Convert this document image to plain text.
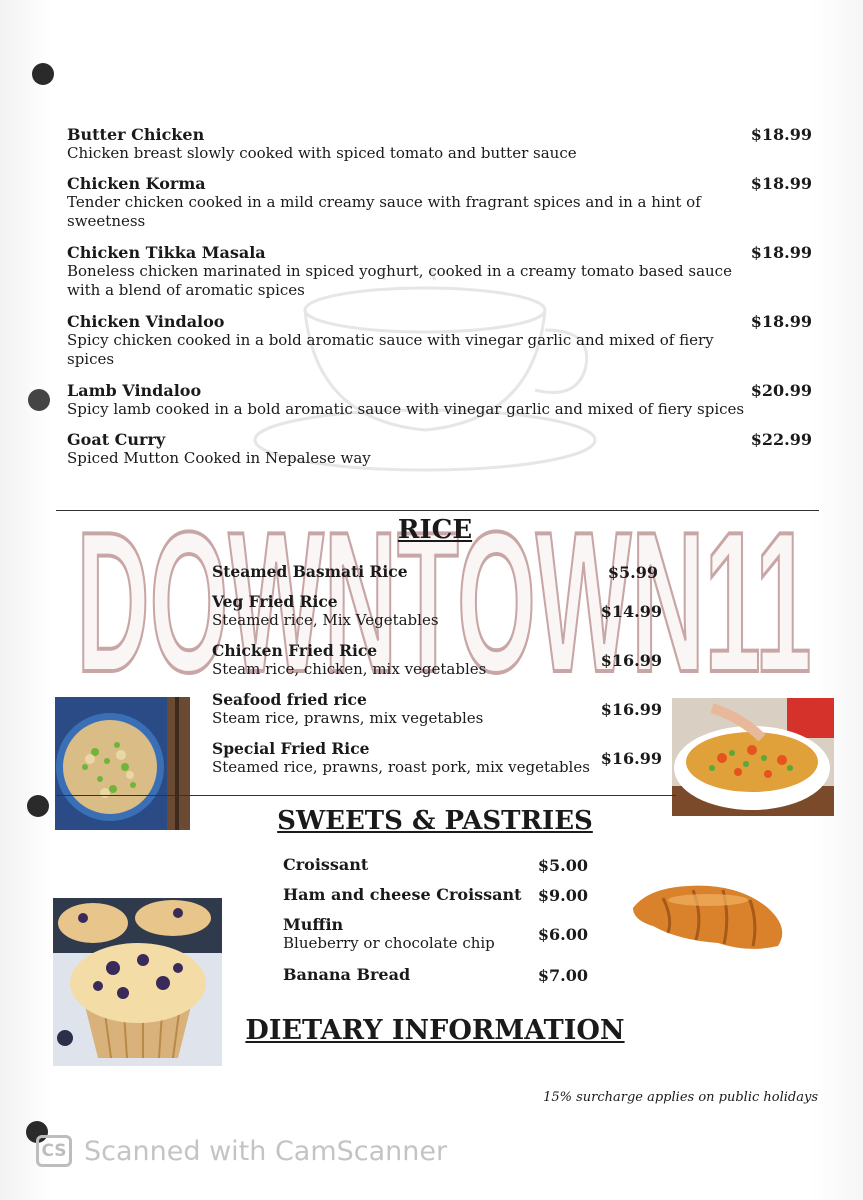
Butter Chicken
Chicken breast slowly cooked with spiced tomato and butter sauce
$18.99
Chicken Korma
Tender chicken cooked in a mild creamy sauce with fragrant spices and in a hint of sweetness
$18.99
Chicken Tikka Masala
Boneless chicken marinated in spiced yoghurt, cooked in a creamy tomato based sauce with a blend of aromatic spices
$18.99
Chicken Vindaloo
Spicy chicken cooked in a bold aromatic sauce with vinegar garlic and mixed of fiery spices
$18.99
Lamb Vindaloo
Spicy lamb cooked in a bold aromatic sauce with vinegar garlic and mixed of fiery spices
$20.99
Goat Curry
Spiced Mutton Cooked in Nepalese way
$22.99
DOWNTOWN11
RICE
Steamed Basmati Rice	$5.99
Veg Fried Rice
Steamed rice, Mix Vegetables	$14.99
Chicken Fried Rice
Steam rice, chicken, mix vegetables	$16.99
Seafood fried rice
Steam rice, prawns, mix vegetables	$16.99
Special Fried Rice
Steamed rice, prawns, roast pork, mix vegetables $16.99
SWEETS & PASTRIES
Croissant	$5.00
Ham and cheese Croissant	$9.00
Muffin
Blueberry or chocolate chip	$6.00
Banana Bread	$7.00
DIETARY INFORMATION
15% surcharge applies on public holidays
CS Scanned with CamScanner
